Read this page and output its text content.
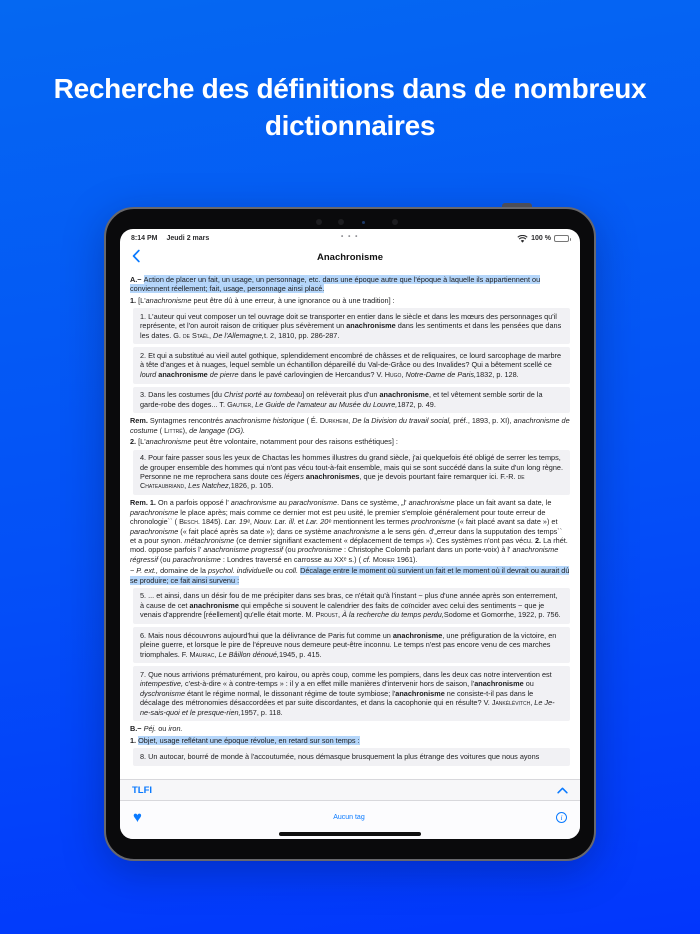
Recherche des définitions dans de nombreux dictionnaires
8:14 PM Jeudi 2 mars	• • •	100 %
Anachronisme
A.− Action de placer un fait, un usage, un personnage, etc. dans une époque autre que l'époque à laquelle ils appartiennent ou conviennent réellement; fait, usage, personnage ainsi placé.
1. [L'anachronisme peut être dû à une erreur, à une ignorance ou à une tradition] :
1. L'auteur qui veut composer un tel ouvrage doit se transporter en entier dans le siècle et dans les mœurs des personnages qu'il représente, et l'on auroit raison de critiquer plus sévèrement un anachronisme dans les sentiments et dans les pensées que dans les dates. G. de Staël, De l'Allemagne,t. 2, 1810, pp. 286-287.
2. Et qui a substitué au vieil autel gothique, splendidement encombré de châsses et de reliquaires, ce lourd sarcophage de marbre à tête d'anges et à nuages, lequel semble un échantillon dépareillé du Val-de-Grâce ou des Invalides? Qui a bêtement scellé ce lourd anachronisme de pierre dans le pavé carlovingien de Hercandus? V. Hugo, Notre-Dame de Paris,1832, p. 128.
3. Dans les costumes [du Christ porté au tombeau] on relèverait plus d'un anachronisme, et tel vêtement semble sortir de la garde-robe des doges... T. Gautier, Le Guide de l'amateur au Musée du Louvre,1872, p. 49.
Rem. Syntagmes rencontrés anachronisme historique ( É. Durkheim, De la Division du travail social, préf., 1893, p. XI), anachronisme de costume ( Littré), de langage (DG).
2. [L'anachronisme peut être volontaire, notamment pour des raisons esthétiques] :
4. Pour faire passer sous les yeux de Chactas les hommes illustres du grand siècle, j'ai quelquefois été obligé de serrer les temps, de grouper ensemble des hommes qui n'ont pas vécu tout-à-fait ensemble, mais qui se sont succédé dans la suite d'un long règne. Personne ne me reprochera sans doute ces légers anachronismes, que je devois pourtant faire remarquer ici. F.-R. de Chateaubriand, Les Natchez,1826, p. 105.
Rem. 1. On a parfois opposé l' anachronisme au parachronisme. Dans ce système, „l' anachronisme place un fait avant sa date, le parachronisme le place après; mais comme ce dernier mot est peu usité, le premier s'emploie généralement pour toute erreur de chronologie`` ( Besch. 1845). Lar. 19ᵉ, Nouv. Lar. ill. et Lar. 20ᵉ mentionnent les termes prochronisme (« fait placé avant sa date ») et parachronisme (« fait placé après sa date »); dans ce système anachronisme a le sens gén. d'„erreur dans la supputation des temps`` et a pour synon. métachronisme (ce dernier signifiant exactement « déplacement de temps »). Ces systèmes n'ont pas vécu. 2. La rhét. mod. oppose parfois l' anachronisme progressif (ou prochronisme : Christophe Colomb parlant dans un porte-voix) à l' anachronisme régressif (ou parachronisme : Londres traversé en carrosse au XXᵉ s.) ( cf. Morier 1961).
− P. ext., domaine de la psychol. individuelle ou coll. Décalage entre le moment où survient un fait et le moment où il devrait ou aurait dû se produire; ce fait ainsi survenu :
5. ... et ainsi, dans un désir fou de me précipiter dans ses bras, ce n'était qu'à l'instant − plus d'une année après son enterrement, à cause de cet anachronisme qui empêche si souvent le calendrier des faits de coïncider avec celui des sentiments − que je venais d'apprendre [réellement] qu'elle était morte. M. Proust, À la recherche du temps perdu,Sodome et Gomorrhe, 1922, p. 756.
6. Mais nous découvrons aujourd'hui que la délivrance de Paris fut comme un anachronisme, une préfiguration de la victoire, en pleine guerre, et lorsque le pire de l'épreuve nous demeure peut-être inconnu. Le temps n'est pas encore venu de ces marches triomphales. F. Mauriac, Le Bâillon dénoué,1945, p. 415.
7. Que nous arrivions prématurément, pro kairou, ou après coup, comme les pompiers, dans les deux cas notre intervention est intempestive, c'est-à-dire « à contre-temps » : il y a en effet mille manières d'intervenir hors de saison, l'anachronisme ou dyschronisme étant le régime normal, le dissonant régime de toute symbiose; l'anachronisme ne consiste-t-il pas dans le décalage des métronomies désaccordées et par suite discordantes, et dans la cacophonie qui en résulte? V. Jankélévitch, Le Je-ne-sais-quoi et le presque-rien,1957, p. 118.
B.− Péj. ou iron.
1. Objet, usage reflétant une époque révolue, en retard sur son temps :
8. Un autocar, bourré de monde à l'accoutumée, nous démasque brusquement la plus étrange des voitures que nous ayons
TLFI
♥	Aucun tag	i
